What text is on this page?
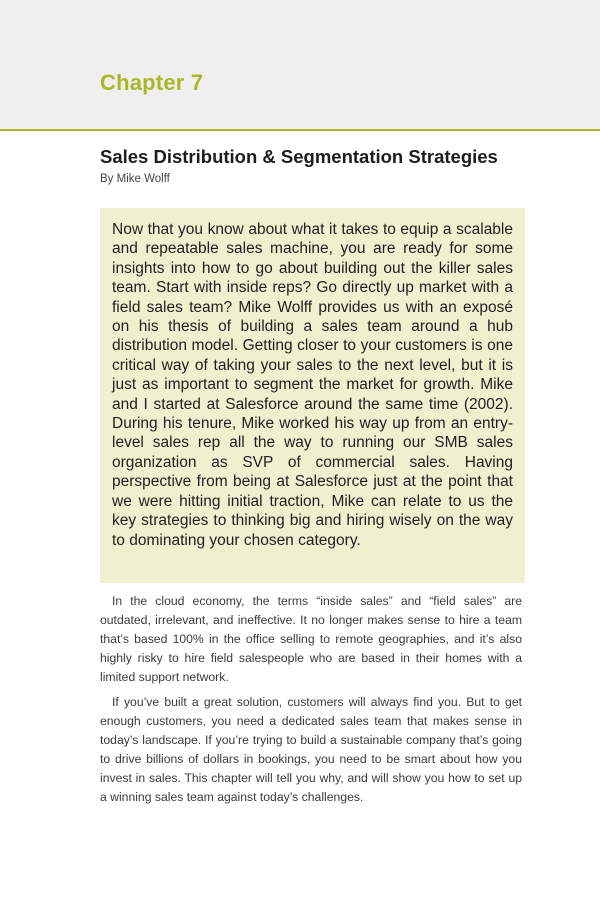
Chapter 7
Sales Distribution & Segmentation Strategies

By Mike Wolff

Now that you know about what it takes to equip a scalable and repeatable sales machine, you are ready for some insights into how to go about building out the killer sales team. Start with inside reps? Go directly up market with a field sales team? Mike Wolff provides us with an exposé on his thesis of building a sales team around a hub distribution model. Getting closer to your customers is one critical way of taking your sales to the next level, but it is just as important to segment the market for growth. Mike and I started at Salesforce around the same time (2002). During his tenure, Mike worked his way up from an entry-level sales rep all the way to running our SMB sales organization as SVP of commercial sales. Having perspective from being at Salesforce just at the point that we were hitting initial traction, Mike can relate to us the key strategies to thinking big and hiring wisely on the way to dominating your chosen category.

In the cloud economy, the terms “inside sales” and “field sales” are outdated, irrelevant, and ineffective. It no longer makes sense to hire a team that’s based 100% in the office selling to remote geographies, and it’s also highly risky to hire field salespeople who are based in their homes with a limited support network.

If you’ve built a great solution, customers will always find you. But to get enough customers, you need a dedicated sales team that makes sense in today’s landscape. If you’re trying to build a sustainable company that’s going to drive billions of dollars in bookings, you need to be smart about how you invest in sales. This chapter will tell you why, and will show you how to set up a winning sales team against today’s challenges.
